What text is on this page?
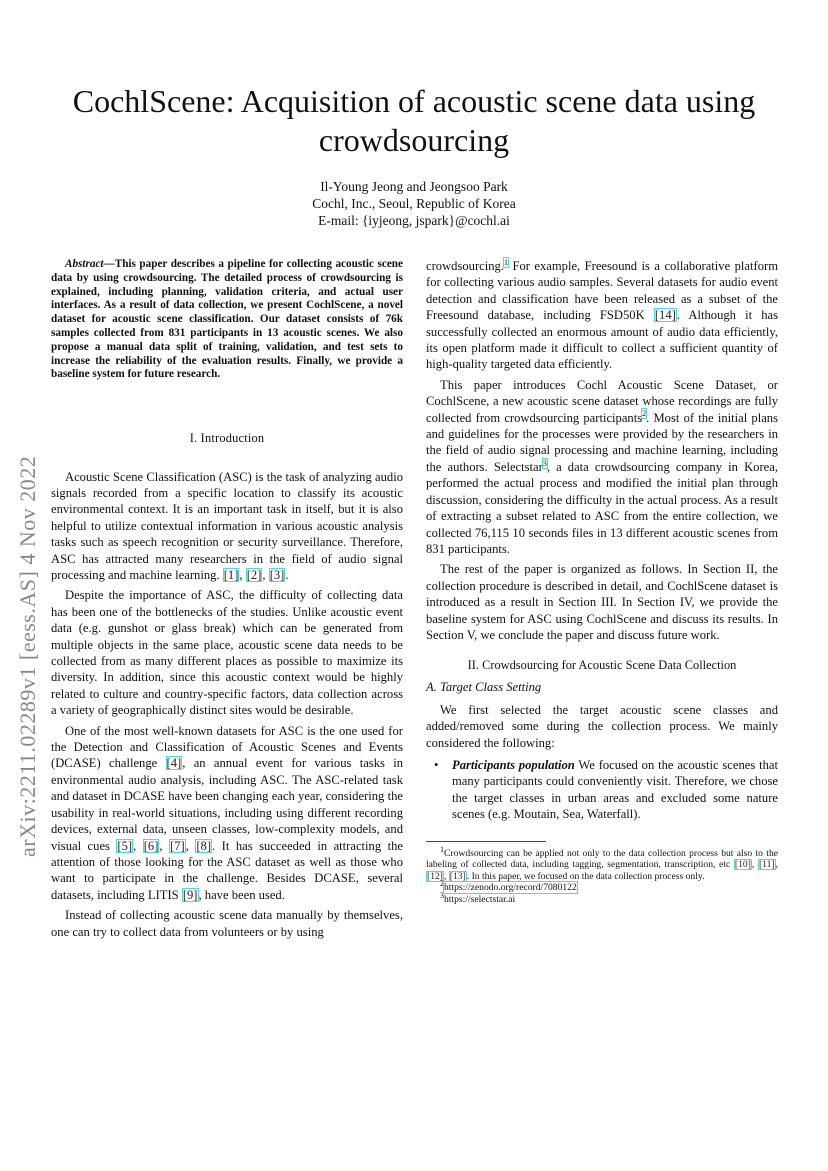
arXiv:2211.02289v1 [eess.AS] 4 Nov 2022
CochlScene: Acquisition of acoustic scene data using crowdsourcing
Il-Young Jeong and Jeongsoo Park
Cochl, Inc., Seoul, Republic of Korea
E-mail: {iyjeong, jspark}@cochl.ai

Abstract—This paper describes a pipeline for collecting acoustic scene data by using crowdsourcing. The detailed process of crowdsourcing is explained, including planning, validation criteria, and actual user interfaces. As a result of data collection, we present CochlScene, a novel dataset for acoustic scene classification. Our dataset consists of 76k samples collected from 831 participants in 13 acoustic scenes. We also propose a manual data split of training, validation, and test sets to increase the reliability of the evaluation results. Finally, we provide a baseline system for future research.

I. Introduction

Acoustic Scene Classification (ASC) is the task of analyzing audio signals recorded from a specific location to classify its acoustic environmental context. It is an important task in itself, but it is also helpful to utilize contextual information in various acoustic analysis tasks such as speech recognition or security surveillance. Therefore, ASC has attracted many researchers in the field of audio signal processing and machine learning. [1], [2], [3].

Despite the importance of ASC, the difficulty of collecting data has been one of the bottlenecks of the studies. Unlike acoustic event data (e.g. gunshot or glass break) which can be generated from multiple objects in the same place, acoustic scene data needs to be collected from as many different places as possible to maximize its diversity. In addition, since this acoustic context would be highly related to culture and country-specific factors, data collection across a variety of geographically distinct sites would be desirable.

One of the most well-known datasets for ASC is the one used for the Detection and Classification of Acoustic Scenes and Events (DCASE) challenge [4], an annual event for various tasks in environmental audio analysis, including ASC. The ASC-related task and dataset in DCASE have been changing each year, considering the usability in real-world situations, including using different recording devices, external data, unseen classes, low-complexity models, and visual cues [5], [6], [7], [8]. It has succeeded in attracting the attention of those looking for the ASC dataset as well as those who want to participate in the challenge. Besides DCASE, several datasets, including LITIS [9], have been used.

Instead of collecting acoustic scene data manually by themselves, one can try to collect data from volunteers or by using

crowdsourcing.$^1$ For example, Freesound is a collaborative platform for collecting various audio samples. Several datasets for audio event detection and classification have been released as a subset of the Freesound database, including FSD50K [14]. Although it has successfully collected an enormous amount of audio data efficiently, its open platform made it difficult to collect a sufficient quantity of high-quality targeted data efficiently.

This paper introduces Cochl Acoustic Scene Dataset, or CochlScene, a new acoustic scene dataset whose recordings are fully collected from crowdsourcing participants$^2$. Most of the initial plans and guidelines for the processes were provided by the researchers in the field of audio signal processing and machine learning, including the authors. Selectstar$^3$, a data crowdsourcing company in Korea, performed the actual process and modified the initial plan through discussion, considering the difficulty in the actual process. As a result of extracting a subset related to ASC from the entire collection, we collected 76,115 10 seconds files in 13 different acoustic scenes from 831 participants.

The rest of the paper is organized as follows. In Section II, the collection procedure is described in detail, and CochlScene dataset is introduced as a result in Section III. In Section IV, we provide the baseline system for ASC using CochlScene and discuss its results. In Section V, we conclude the paper and discuss future work.

II. Crowdsourcing for Acoustic Scene Data Collection
A. Target Class Setting

We first selected the target acoustic scene classes and added/removed some during the collection process. We mainly considered the following:

• Participants population We focused on the acoustic scenes that many participants could conveniently visit. Therefore, we chose the target classes in urban areas and excluded some nature scenes (e.g. Moutain, Sea, Waterfall).

$^1$Crowdsourcing can be applied not only to the data collection process but also to the labeling of collected data, including tagging, segmentation, transcription, etc [10], [11], [12], [13]. In this paper, we focused on the data collection process only.

$^2$https://zenodo.org/record/7080122

$^3$https://selectstar.ai
